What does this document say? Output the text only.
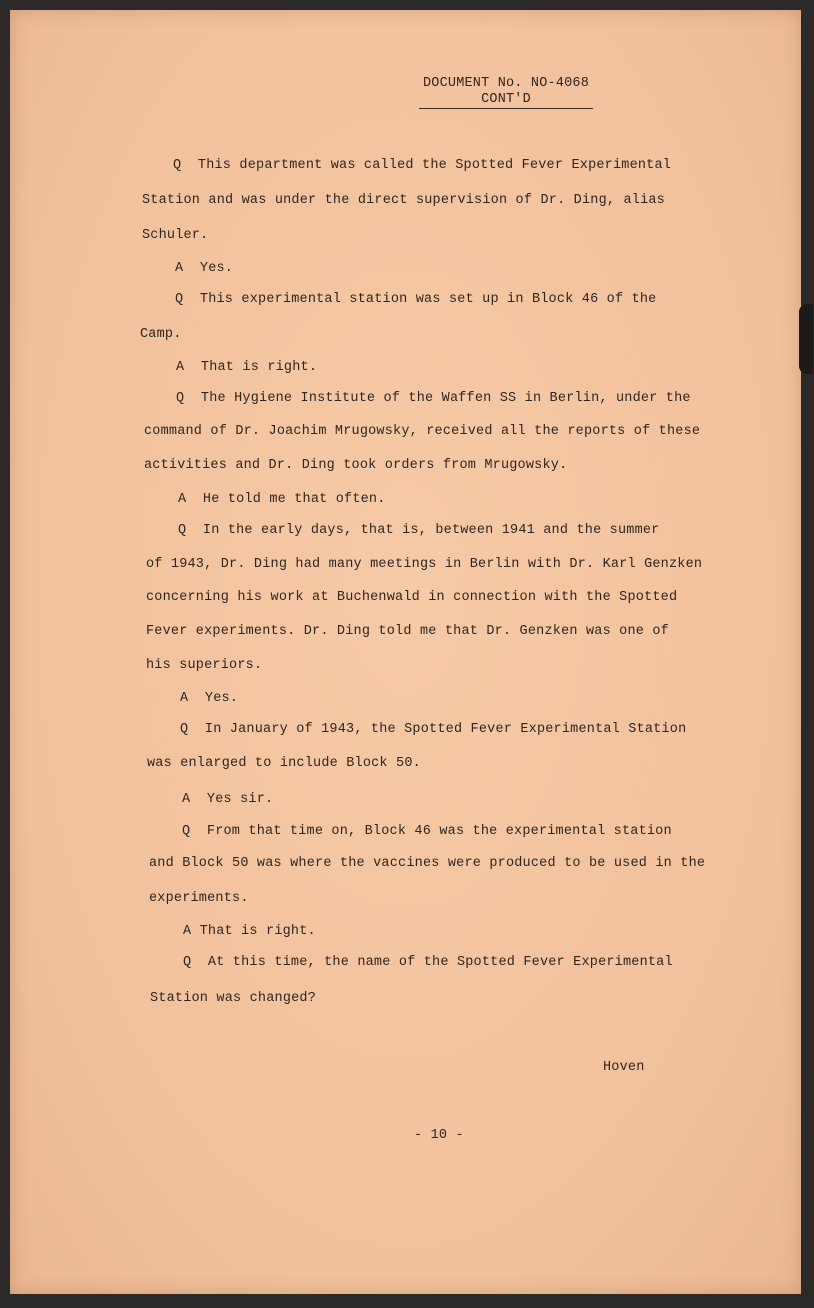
DOCUMENT No. NO-4068

CONT'D
Q  This department was called the Spotted Fever Experimental
Station and was under the direct supervision of Dr. Ding, alias
Schuler.
A  Yes.
Q  This experimental station was set up in Block 46 of the
Camp.
A  That is right.
Q  The Hygiene Institute of the Waffen SS in Berlin, under the
command of Dr. Joachim Mrugowsky, received all the reports of these
activities and Dr. Ding took orders from Mrugowsky.
A  He told me that often.
Q  In the early days, that is, between 1941 and the summer
of 1943, Dr. Ding had many meetings in Berlin with Dr. Karl Genzken
concerning his work at Buchenwald in connection with the Spotted
Fever experiments. Dr. Ding told me that Dr. Genzken was one of
his superiors.
A  Yes.
Q  In January of 1943, the Spotted Fever Experimental Station
was enlarged to include Block 50.
A  Yes sir.
Q  From that time on, Block 46 was the experimental station
and Block 50 was where the vaccines were produced to be used in the
experiments.
A That is right.
Q  At this time, the name of the Spotted Fever Experimental
Station was changed?
Hoven
- 10 -
